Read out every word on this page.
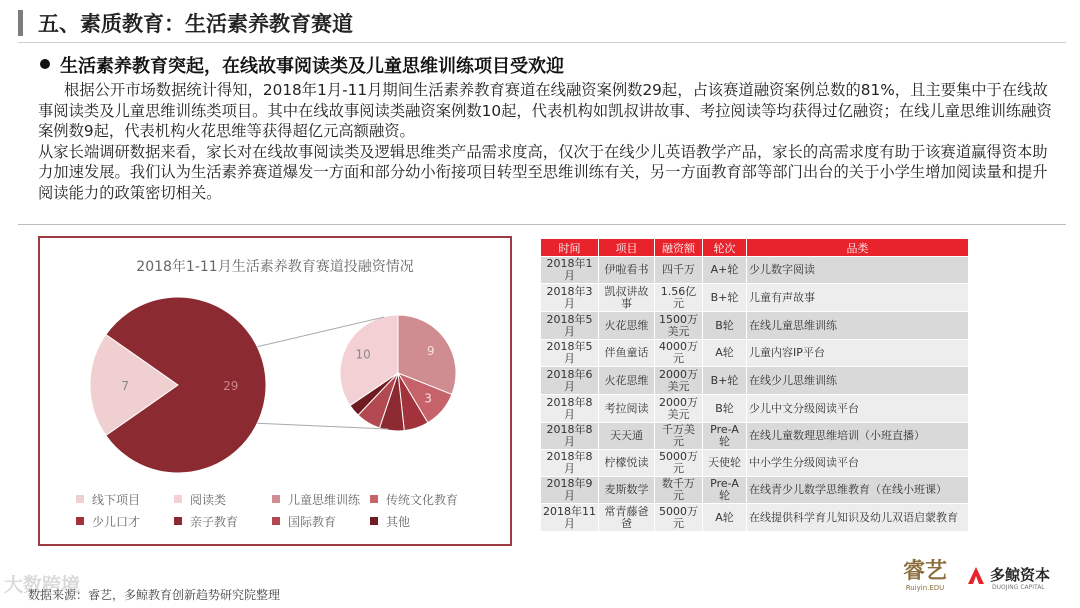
五、素质教育：生活素养教育赛道
生活素养教育突起，在线故事阅读类及儿童思维训练项目受欢迎

根据公开市场数据统计得知，2018年1月-11月期间生活素养教育赛道在线融资案例数29起，占该赛道融资案例总数的81%，且主要集中于在线故事阅读类及儿童思维训练类项目。其中在线故事阅读类融资案例数10起，代表机构如凯叔讲故事、考拉阅读等均获得过亿融资；在线儿童思维训练融资案例数9起，代表机构火花思维等获得超亿元高额融资。

从家长端调研数据来看，家长对在线故事阅读类及逻辑思维类产品需求度高，仅次于在线少儿英语教学产品，家长的高需求度有助于该赛道赢得资本助力加速发展。我们认为生活素养赛道爆发一方面和部分幼小衔接项目转型至思维训练有关，另一方面教育部等部门出台的关于小学生增加阅读量和提升阅读能力的政策密切相关。

2018年1-11月生活素养教育赛道投融资情况
7	29
10	9
3
线下项目	阅读类	儿童思维训练 传统文化教育
少儿口才	亲子教育	国际教育	其他
时间	项目	融资额	轮次	品类
2018年1月	伊啦看书	四千万	A+轮	少儿数字阅读
2018年3月	凯叔讲故事	1.56亿元	B+轮	儿童有声故事
2018年5月	火花思维	1500万美元	B轮	在线儿童思维训练
2018年5月	伴鱼童话	4000万元	A轮	儿童内容IP平台
2018年6月	火花思维	2000万美元	B+轮	在线少儿思维训练
2018年8月	考拉阅读	2000万美元	B轮	少儿中文分级阅读平台
2018年8月	天天通	千万美元	Pre-A轮	在线儿童数理思维培训（小班直播）
2018年8月	柠檬悦读	5000万元	天使轮	中小学生分级阅读平台
2018年9月	麦斯数学	数千万元	Pre-A轮	在线青少儿数学思维教育（在线小班课）
2018年11月	常青藤爸爸	5000万元	A轮	在线提供科学育儿知识及幼儿双语启蒙教育
大数跨境
数据来源：睿艺，多鲸教育创新趋势研究院整理
睿艺
Ruiyin.EDU
多鲸资本
DUOJING CAPITAL
